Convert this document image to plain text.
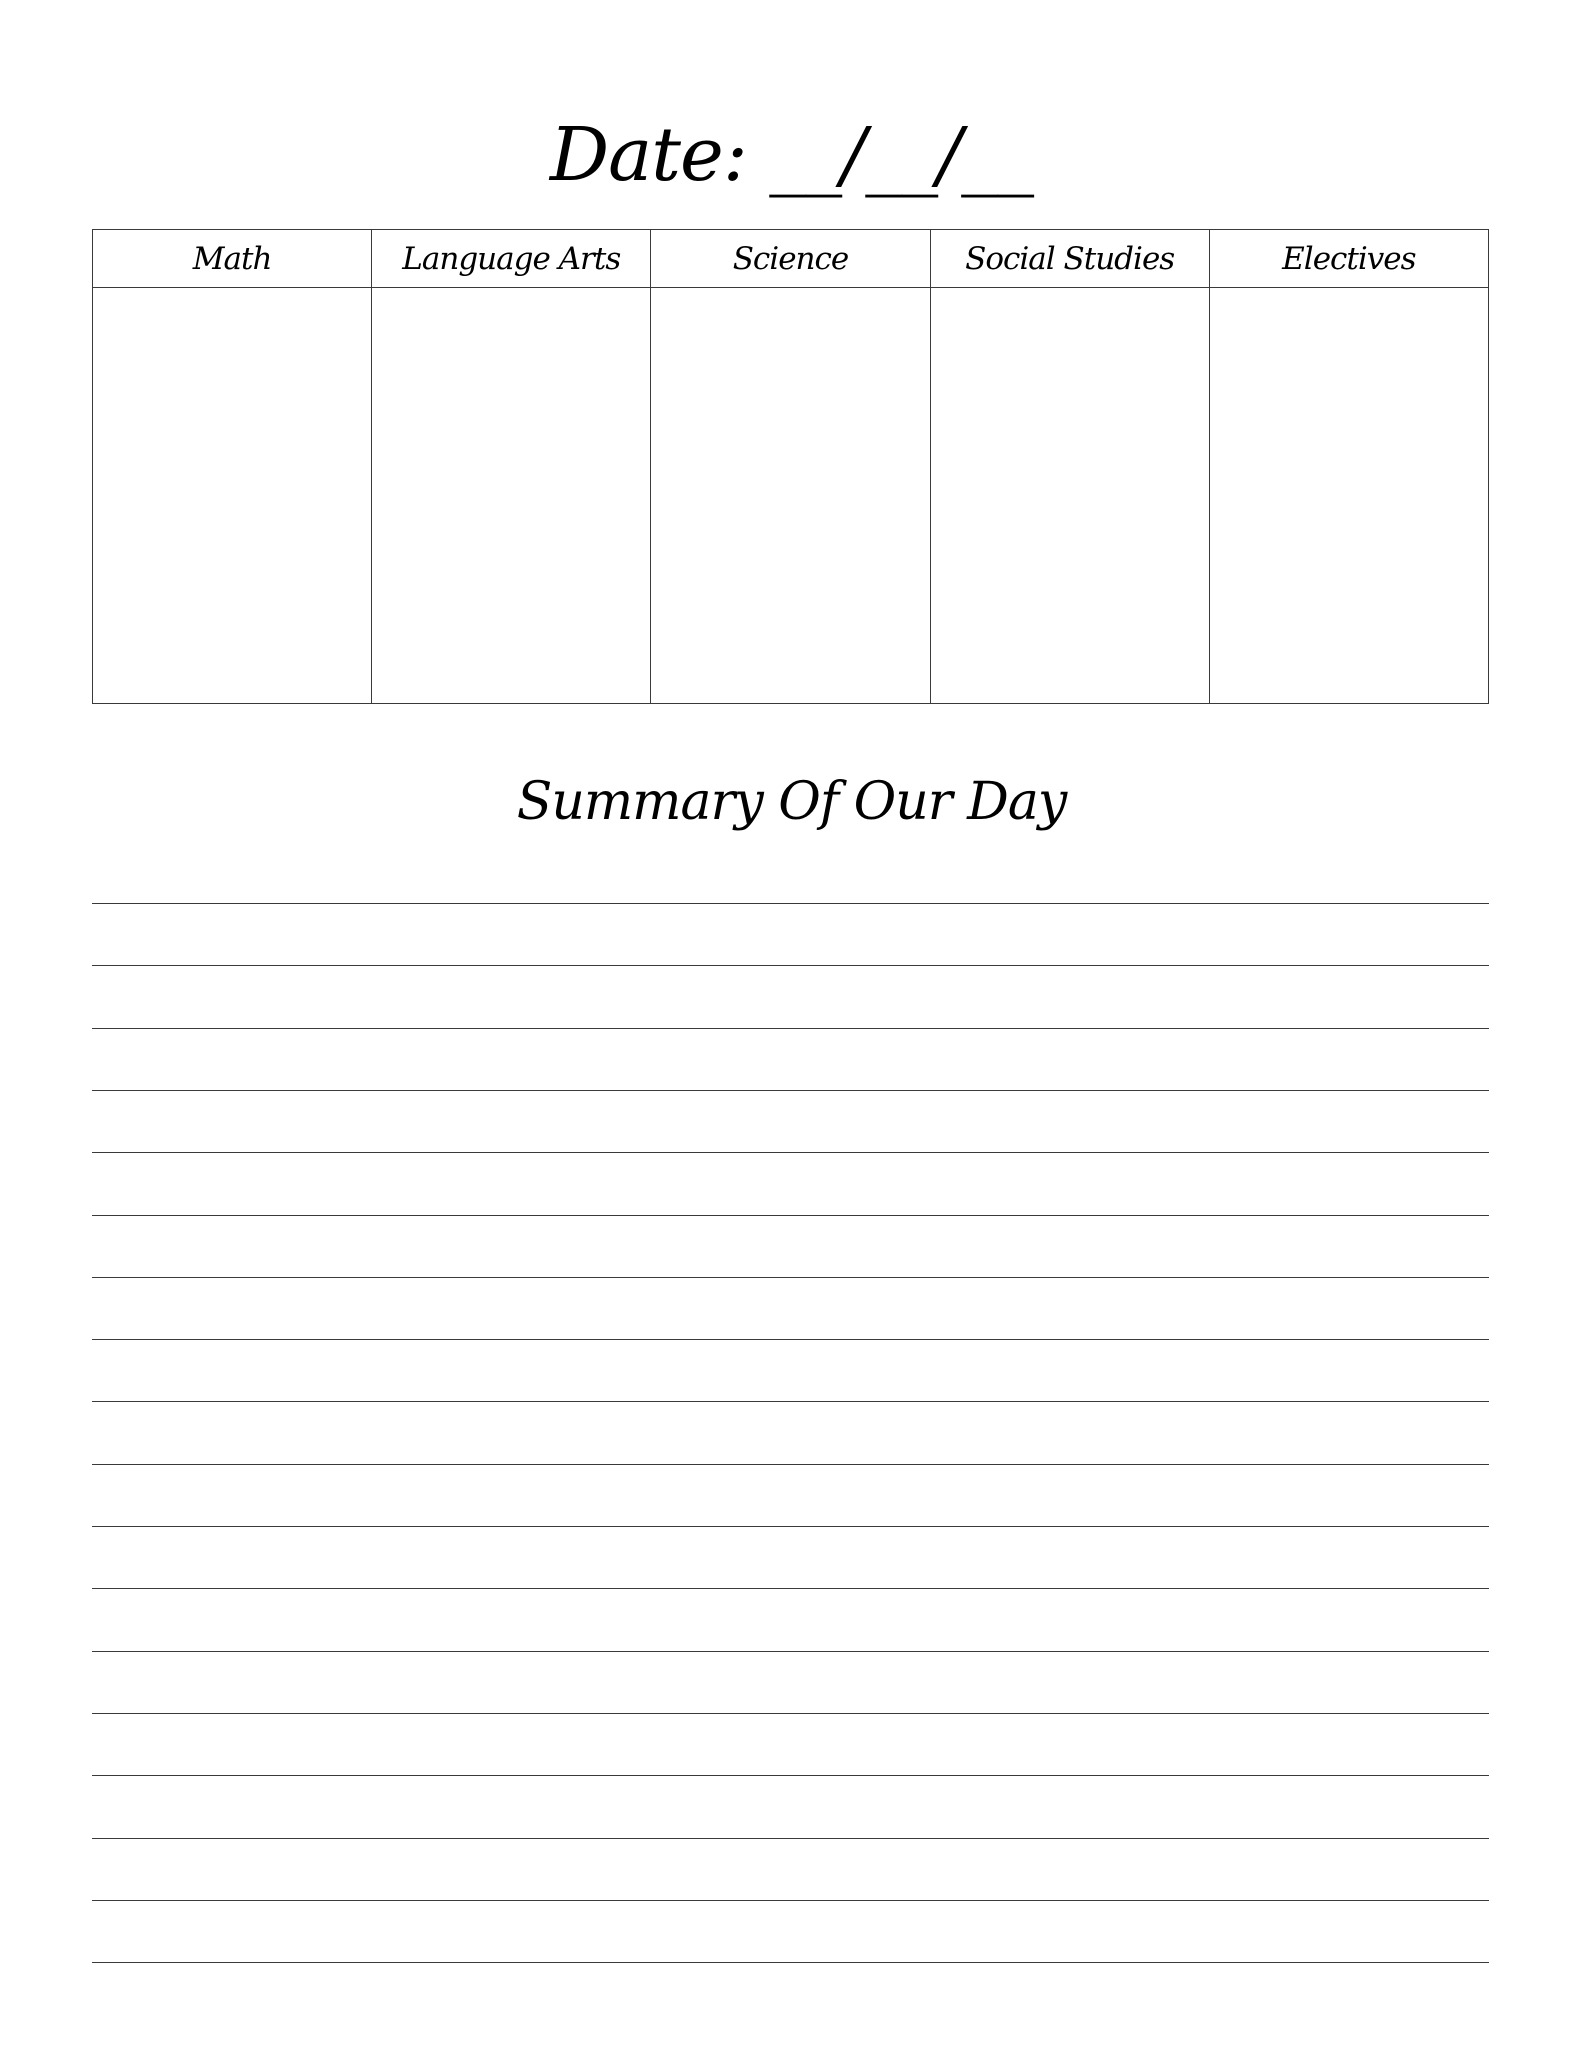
Date: __/__/__
Math	Language Arts	Science	Social Studies	Electives

Summary Of Our Day
